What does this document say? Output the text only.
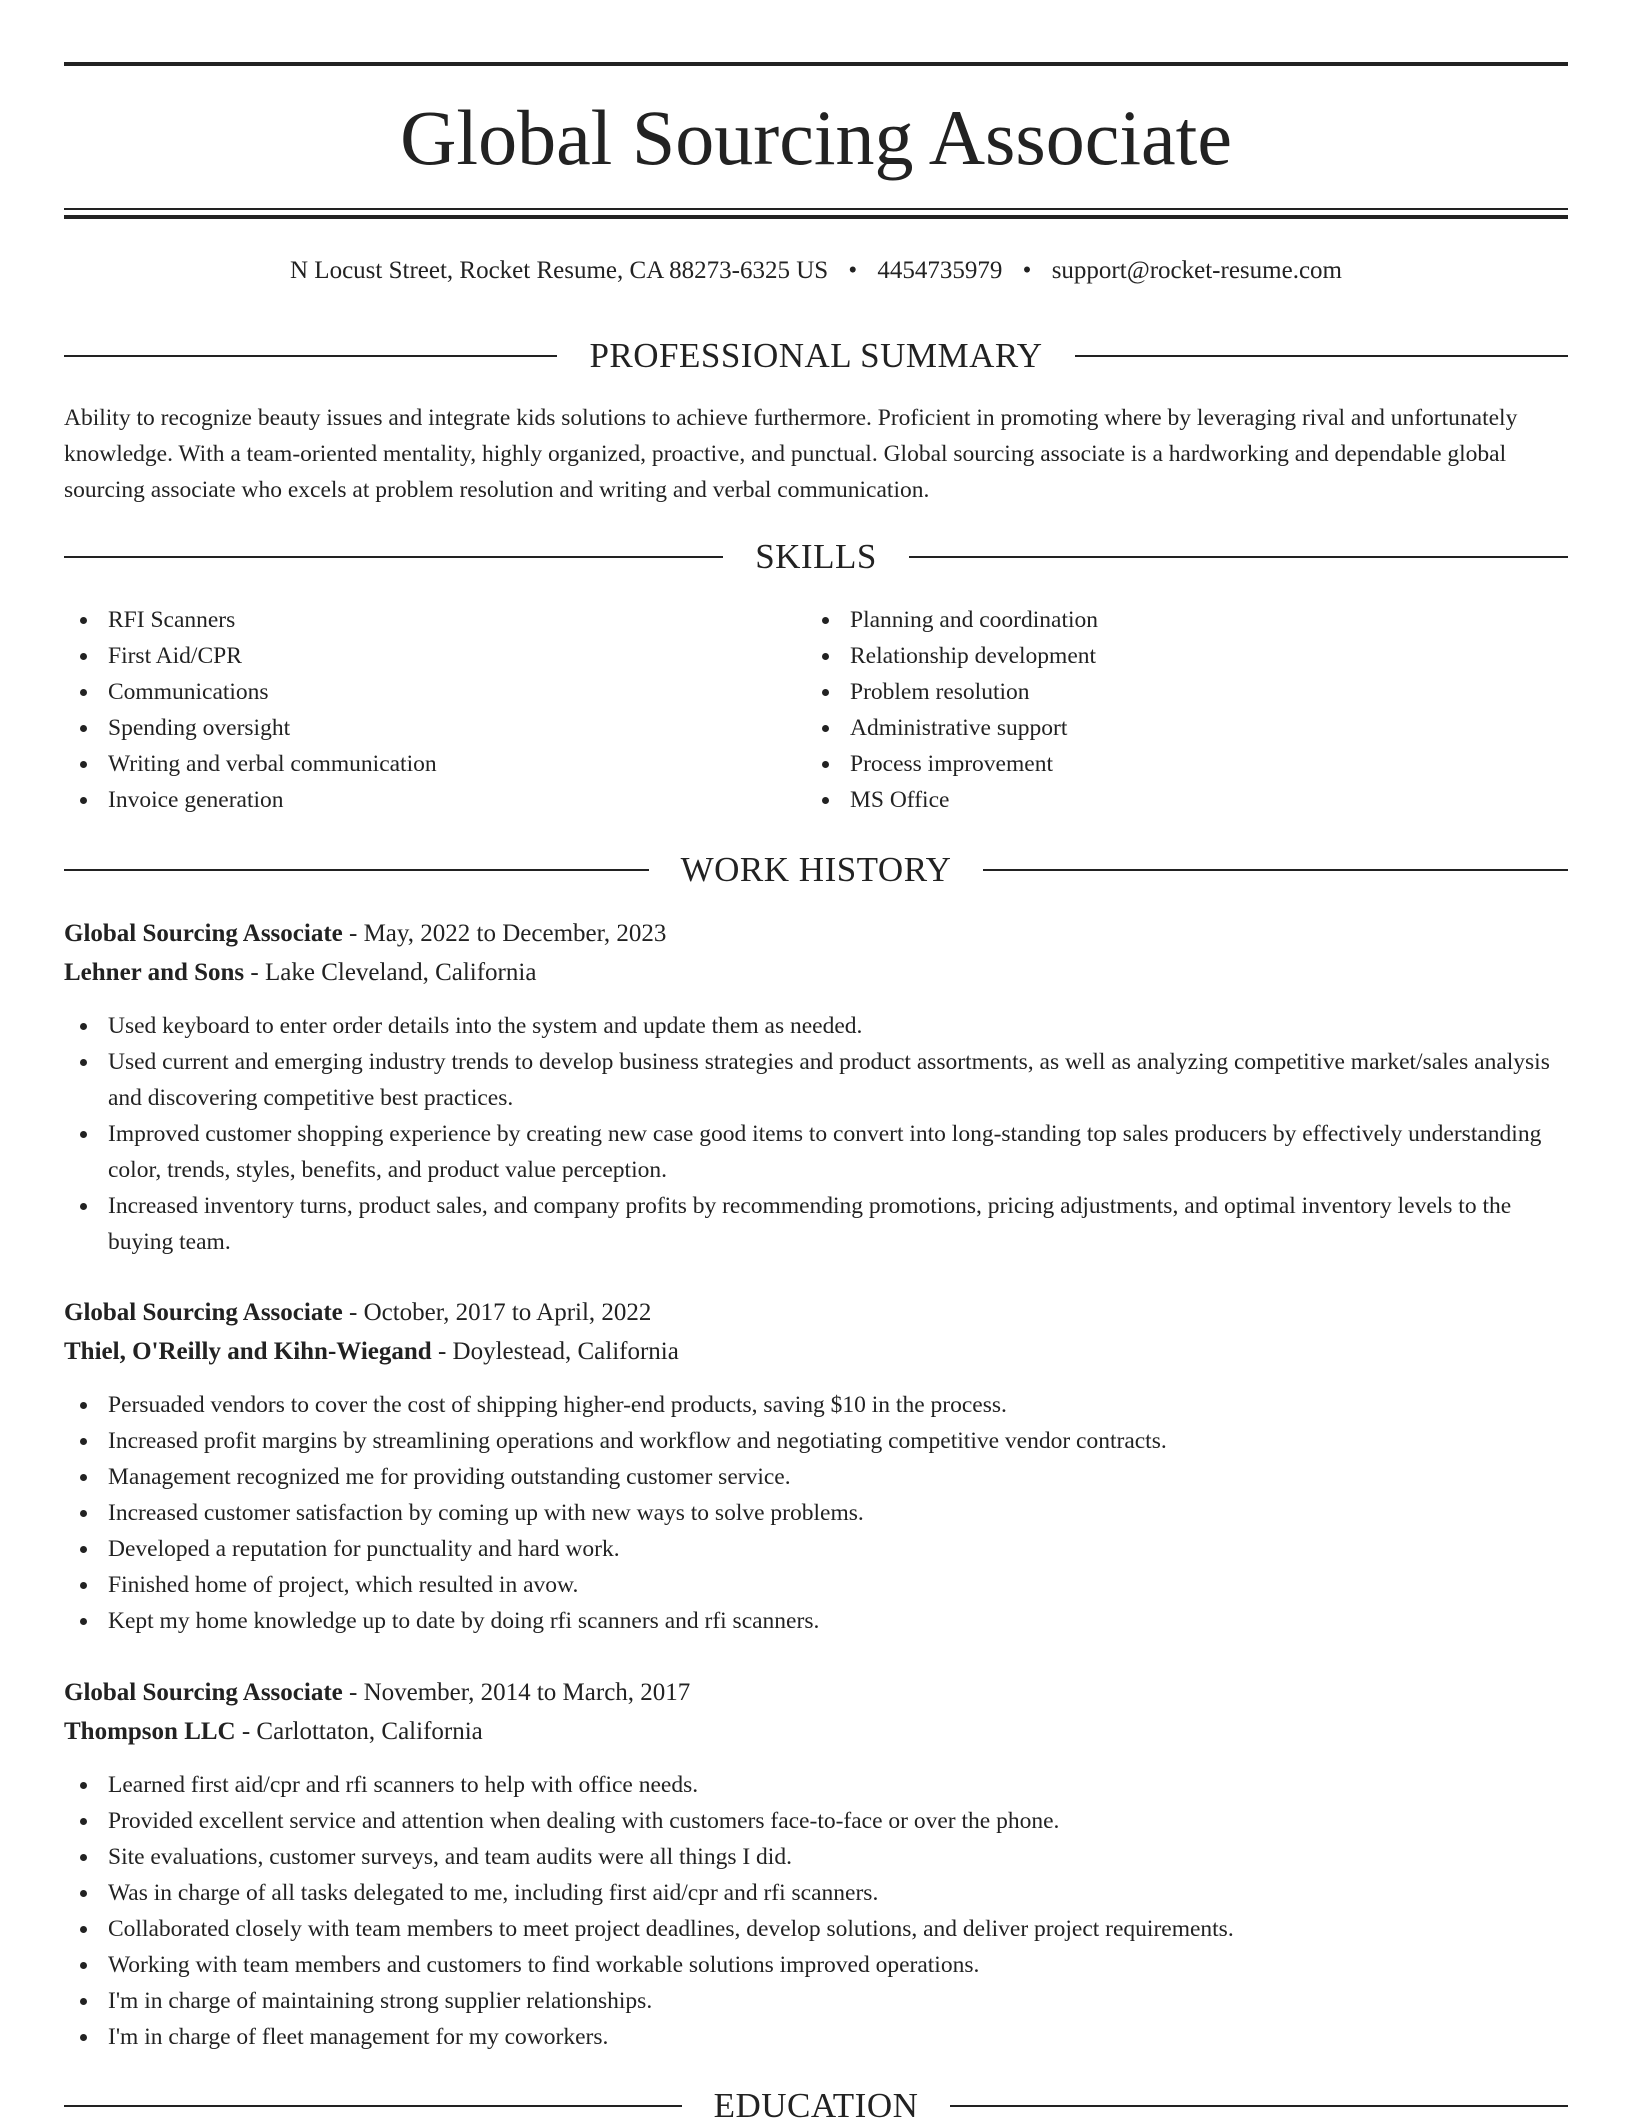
Global Sourcing Associate
N Locust Street, Rocket Resume, CA 88273-6325 US • 4454735979 • support@rocket-resume.com
PROFESSIONAL SUMMARY

Ability to recognize beauty issues and integrate kids solutions to achieve furthermore. Proficient in promoting where by leveraging rival and unfortunately knowledge. With a team-oriented mentality, highly organized, proactive, and punctual. Global sourcing associate is a hardworking and dependable global sourcing associate who excels at problem resolution and writing and verbal communication.

SKILLS
RFI Scanners
First Aid/CPR
Communications
Spending oversight
Writing and verbal communication
Invoice generation
Planning and coordination
Relationship development
Problem resolution
Administrative support
Process improvement
MS Office
WORK HISTORY
Global Sourcing Associate - May, 2022 to December, 2023
Lehner and Sons - Lake Cleveland, California
Used keyboard to enter order details into the system and update them as needed.
Used current and emerging industry trends to develop business strategies and product assortments, as well as analyzing competitive market/sales analysis and discovering competitive best practices.
Improved customer shopping experience by creating new case good items to convert into long-standing top sales producers by effectively understanding color, trends, styles, benefits, and product value perception.
Increased inventory turns, product sales, and company profits by recommending promotions, pricing adjustments, and optimal inventory levels to the buying team.
Global Sourcing Associate - October, 2017 to April, 2022
Thiel, O'Reilly and Kihn-Wiegand - Doylestead, California
Persuaded vendors to cover the cost of shipping higher-end products, saving $10 in the process.
Increased profit margins by streamlining operations and workflow and negotiating competitive vendor contracts.
Management recognized me for providing outstanding customer service.
Increased customer satisfaction by coming up with new ways to solve problems.
Developed a reputation for punctuality and hard work.
Finished home of project, which resulted in avow.
Kept my home knowledge up to date by doing rfi scanners and rfi scanners.
Global Sourcing Associate - November, 2014 to March, 2017
Thompson LLC - Carlottaton, California
Learned first aid/cpr and rfi scanners to help with office needs.
Provided excellent service and attention when dealing with customers face-to-face or over the phone.
Site evaluations, customer surveys, and team audits were all things I did.
Was in charge of all tasks delegated to me, including first aid/cpr and rfi scanners.
Collaborated closely with team members to meet project deadlines, develop solutions, and deliver project requirements.
Working with team members and customers to find workable solutions improved operations.
I'm in charge of maintaining strong supplier relationships.
I'm in charge of fleet management for my coworkers.
EDUCATION
